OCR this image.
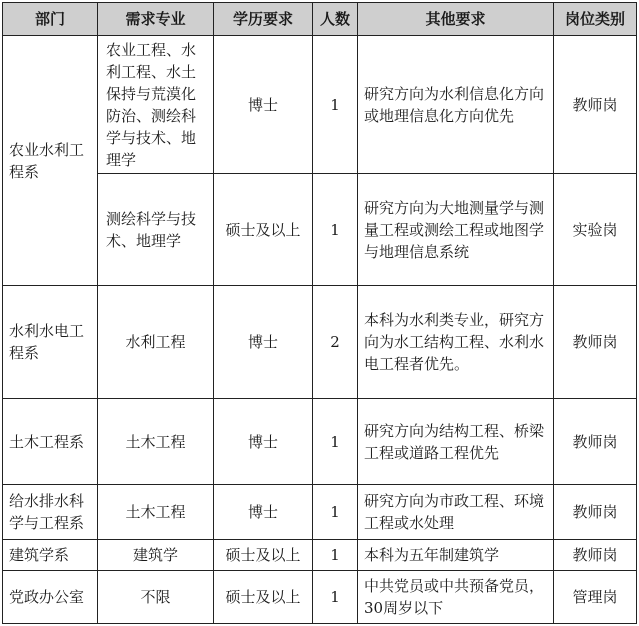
部门	需求专业	学历要求	人数	其他要求	岗位类别
农业水利工程系	农业工程、水利工程、水土保持与荒漠化防治、测绘科学与技术、地理学	博士	1	研究方向为水利信息化方向或地理信息化方向优先	教师岗
	测绘科学与技术、地理学	硕士及以上	1	研究方向为大地测量学与测量工程或测绘工程或地图学与地理信息系统	实验岗
水利水电工程系	水利工程	博士	2	本科为水利类专业，研究方向为水工结构工程、水利水电工程者优先。	教师岗
土木工程系	土木工程	博士	1	研究方向为结构工程、桥梁工程或道路工程优先	教师岗
给水排水科学与工程系	土木工程	博士	1	研究方向为市政工程、环境工程或水处理	教师岗
建筑学系	建筑学	硕士及以上	1	本科为五年制建筑学	教师岗
党政办公室	不限	硕士及以上	1	中共党员或中共预备党员，30周岁以下	管理岗
